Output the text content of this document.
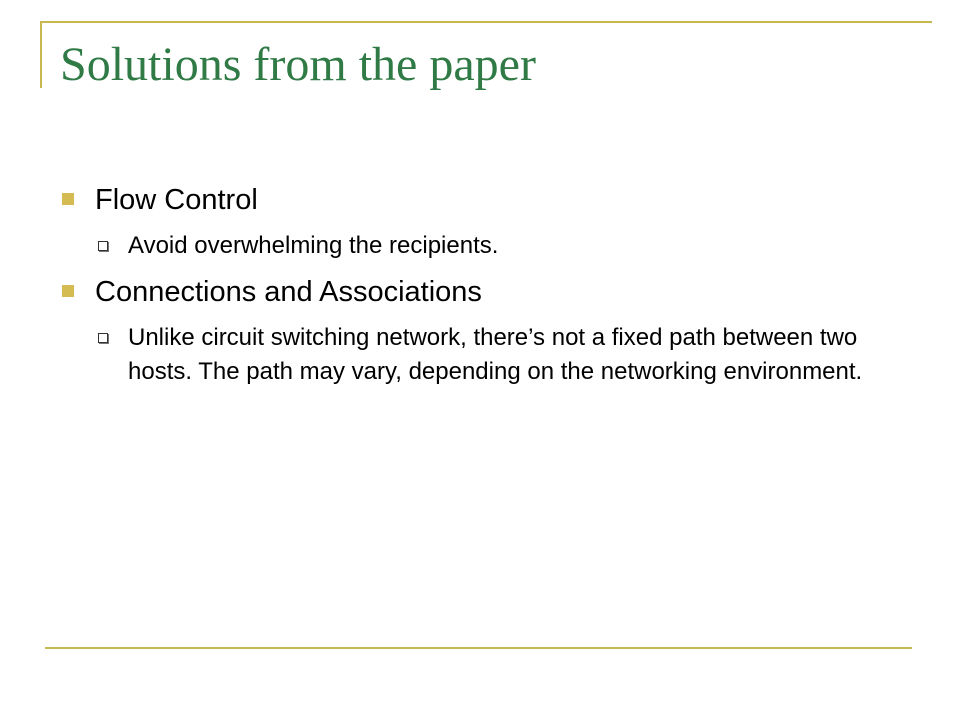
Solutions from the paper
Flow Control
Avoid overwhelming the recipients.
Connections and Associations
Unlike circuit switching network, there’s not a fixed path between two hosts. The path may vary, depending on the networking environment.
